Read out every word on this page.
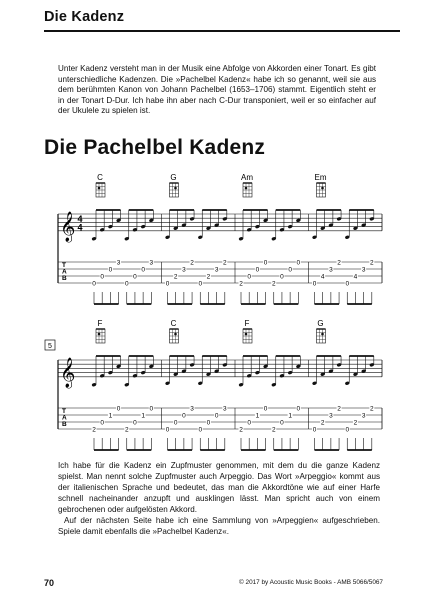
Die Kadenz
Unter Kadenz versteht man in der Musik eine Abfolge von Akkorden einer Tonart. Es gibt unterschiedliche Kadenzen. Die »Pachelbel Kadenz« habe ich so genannt, weil sie aus dem berühmten Kanon von Johann Pachelbel (1653–1706) stammt. Eigentlich steht er in der Tonart D-Dur. Ich habe ihn aber nach C-Dur transponiert, weil er so einfacher auf der Ukulele zu spielen ist.
Die Pachelbel Kadenz
𝄞 4
4
T
A
B
C
0
0
0
3
0
0
0
3
G
0
2
3
2
0
2
3
2
Am
2
0
0
0
2
0
0
0
Em
0
4
3
2
0
4
3
2
5
𝄞
T
A
B
F
2
0
1
0
2
0
1
0
C
0
0
0
3
0
0
0
3
F
2
0
1
0
2
0
1
0
G
0
2
3
2
0
2
3
2

Ich habe für die Kadenz ein Zupfmuster genommen, mit dem du die ganze Kadenz spielst. Man nennt solche Zupfmuster auch Arpeggio. Das Wort »Arpeggio« kommt aus der italienischen Sprache und bedeutet, das man die Akkordtöne wie auf einer Harfe schnell nacheinander anzupft und ausklingen lässt. Man spricht auch von einem gebrochenen oder aufgelösten Akkord.

Auf der nächsten Seite habe ich eine Sammlung von »Arpeggien« aufgeschrieben. Spiele damit ebenfalls die »Pachelbel Kadenz«.

70	© 2017 by Acoustic Music Books - AMB 5066/5067
